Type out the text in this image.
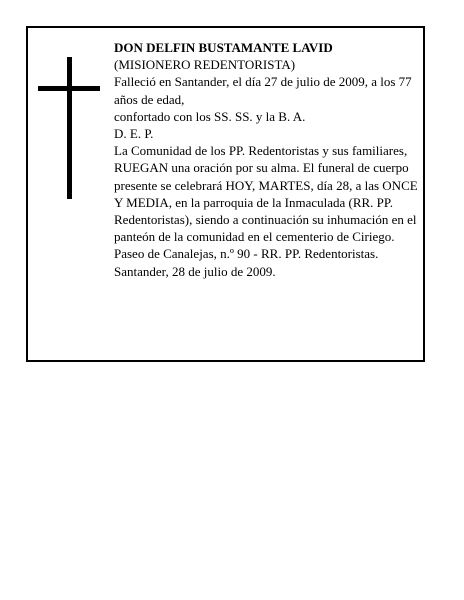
DON DELFIN BUSTAMANTE LAVID

(MISIONERO REDENTORISTA)

Falleció en Santander, el día 27 de julio de 2009, a los 77 años de edad,

confortado con los SS. SS. y la B. A.

D. E. P.

La Comunidad de los PP. Redentoristas y sus familiares,

RUEGAN una oración por su alma. El funeral de cuerpo presente se celebrará HOY, MARTES, día 28, a las ONCE Y MEDIA, en la parroquia de la Inmaculada (RR. PP. Redentoristas), siendo a continuación su inhumación en el panteón de la comunidad en el cementerio de Ciriego. Paseo de Canalejas, n.º 90 - RR. PP. Redentoristas.

Santander, 28 de julio de 2009.
